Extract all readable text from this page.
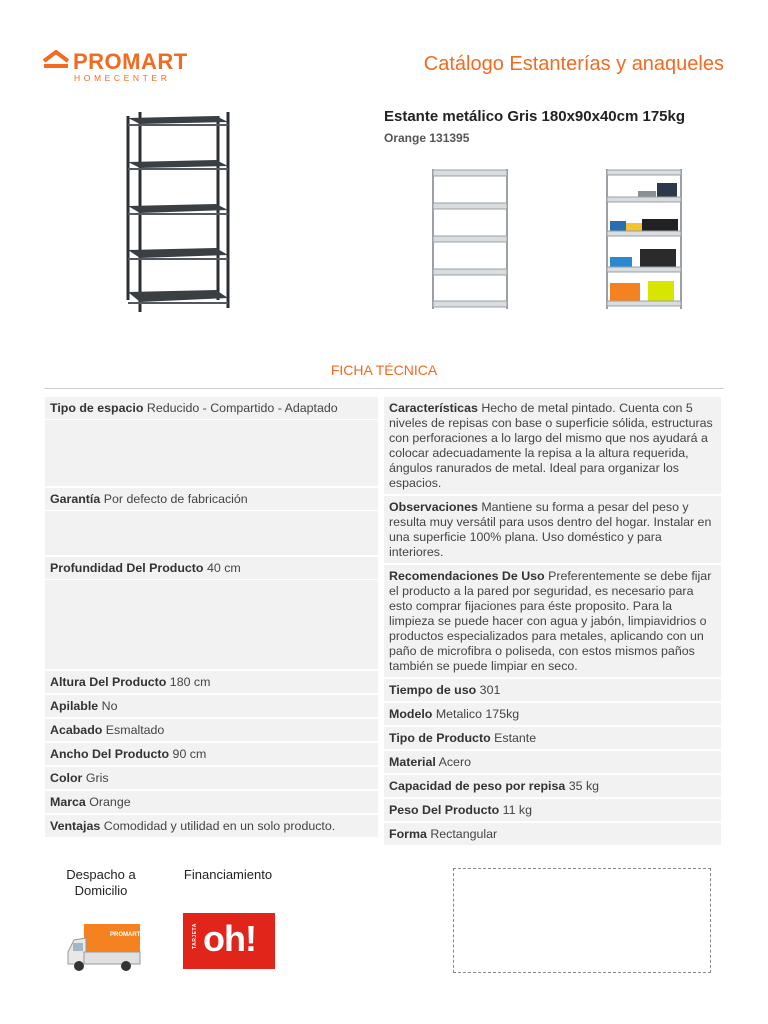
PROMART
HOMECENTER
Catálogo Estanterías y anaqueles
Estante metálico Gris 180x90x40cm 175kg
Orange 131395
FICHA TÉCNICA
Tipo de espacio Reducido - Compartido - Adaptado
Garantía Por defecto de fabricación
Profundidad Del Producto 40 cm
Altura Del Producto 180 cm
Apilable No
Acabado Esmaltado
Ancho Del Producto 90 cm
Color Gris
Marca Orange
Ventajas Comodidad y utilidad en un solo producto.
Características Hecho de metal pintado. Cuenta con 5 niveles de repisas con base o superficie sólida, estructuras con perforaciones a lo largo del mismo que nos ayudará a colocar adecuadamente la repisa a la altura requerida, ángulos ranurados de metal. Ideal para organizar los espacios.
Observaciones Mantiene su forma a pesar del peso y resulta muy versátil para usos dentro del hogar. Instalar en una superficie 100% plana. Uso doméstico y para interiores.
Recomendaciones De Uso Preferentemente se debe fijar el producto a la pared por seguridad, es necesario para esto comprar fijaciones para éste proposito. Para la limpieza se puede hacer con agua y jabón, limpiavidrios o productos especializados para metales, aplicando con un paño de microfibra o poliseda, con estos mismos paños también se puede limpiar en seco.
Tiempo de uso 301
Modelo Metalico 175kg
Tipo de Producto Estante
Material Acero
Capacidad de peso por repisa 35 kg
Peso Del Producto 11 kg
Forma Rectangular
Despacho a
Domicilio
Financiamiento
PROMART	TARJETA oh!
